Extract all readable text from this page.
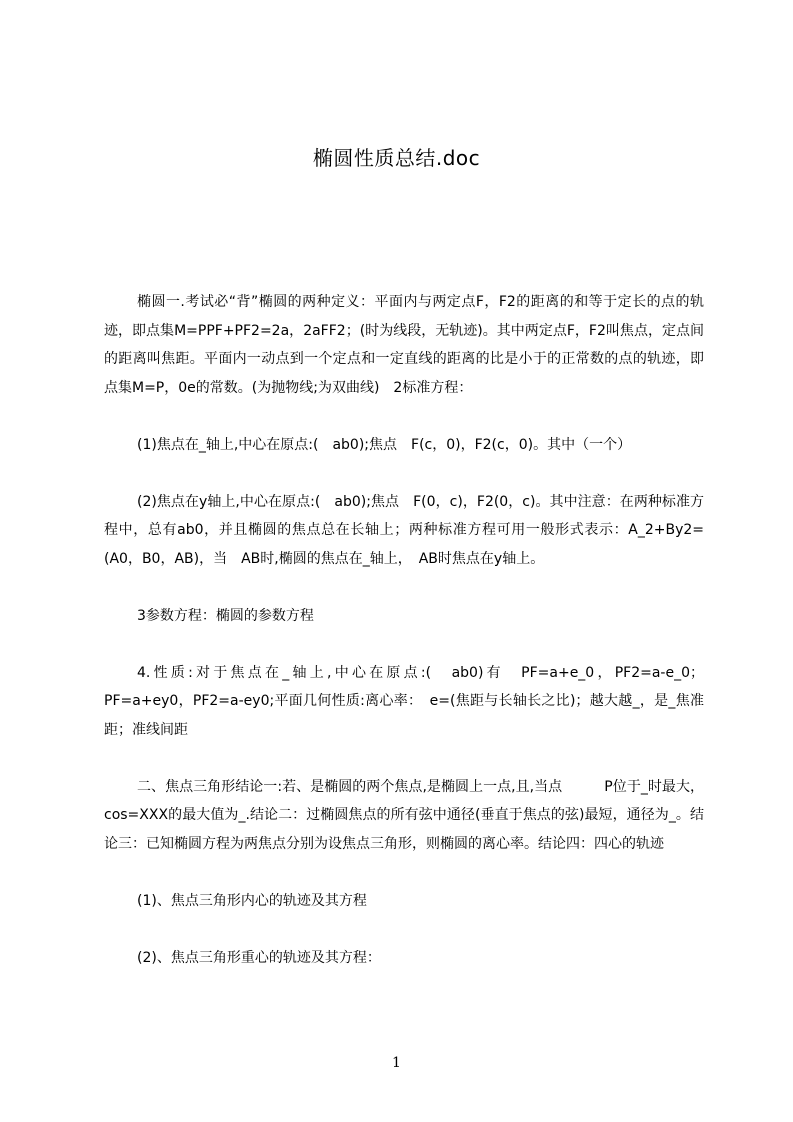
椭圆性质总结.doc

椭圆一.考试必“背”椭圆的两种定义：平面内与两定点F，F2的距离的和等于定长的点的轨迹，即点集M=PPF+PF2=2a，2aFF2；(时为线段，无轨迹)。其中两定点F，F2叫焦点，定点间的距离叫焦距。平面内一动点到一个定点和一定直线的距离的比是小于的正常数的点的轨迹，即点集M=P，0e的常数。(为抛物线;为双曲线)　2标准方程：

(1)焦点在_轴上,中心在原点:(　ab0);焦点　F(c，0)，F2(c，0)。其中（一个）

(2)焦点在y轴上,中心在原点:(　ab0);焦点　F(0，c)，F2(0，c)。其中注意：在两种标准方程中，总有ab0，并且椭圆的焦点总在长轴上；两种标准方程可用一般形式表示：A_2+By2=(A0，B0，AB)，当　AB时,椭圆的焦点在_轴上，　AB时焦点在y轴上。

3参数方程：椭圆的参数方程

4.性质:对于焦点在_轴上,中心在原点:(　ab0)有　PF=a+e_0，PF2=a-e_0；PF=a+ey0，PF2=a-ey0;平面几何性质:离心率：　e=(焦距与长轴长之比)；越大越_，是_焦准距；准线间距

二、焦点三角形结论一:若、是椭圆的两个焦点,是椭圆上一点,且,当点　　　P位于_时最大，cos=XXX的最大值为_.结论二：过椭圆焦点的所有弦中通径(垂直于焦点的弦)最短，通径为_。结论三：已知椭圆方程为两焦点分别为设焦点三角形，则椭圆的离心率。结论四：四心的轨迹

(1)、焦点三角形内心的轨迹及其方程

(2)、焦点三角形重心的轨迹及其方程：

1
